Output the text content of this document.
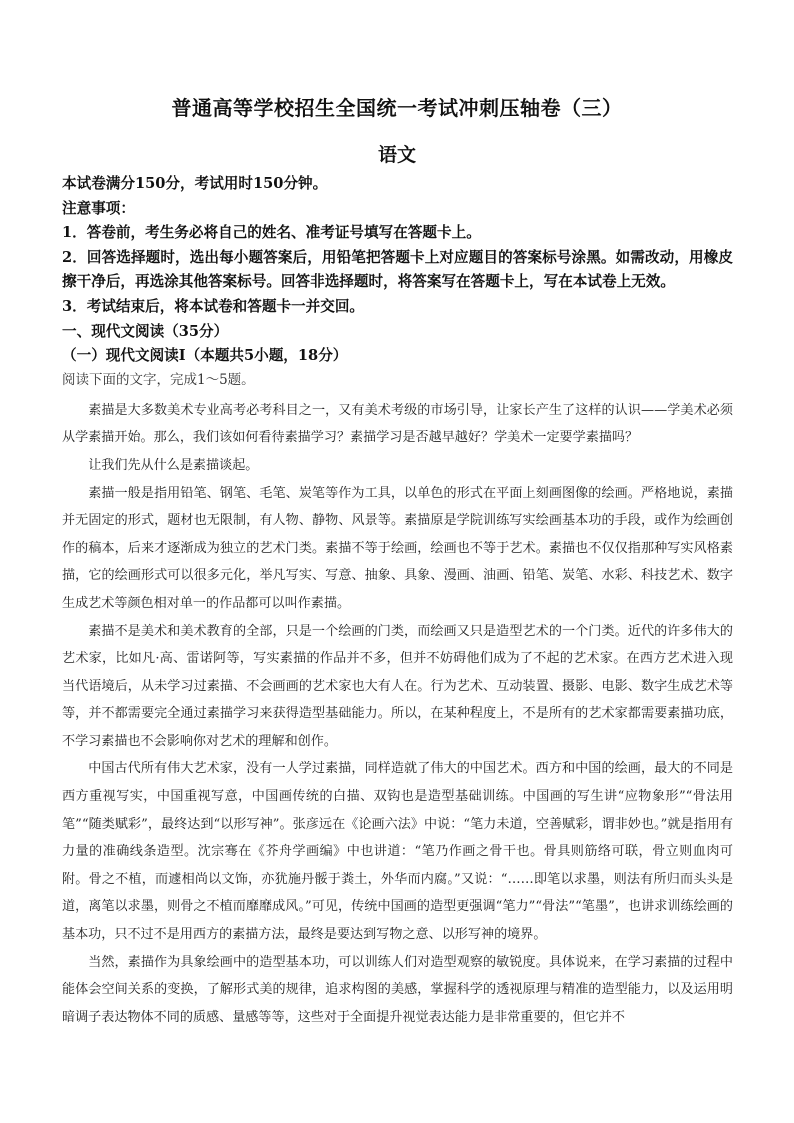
普通高等学校招生全国统一考试冲刺压轴卷（三）
语文

本试卷满分150分，考试用时150分钟。

注意事项：

1．答卷前，考生务必将自己的姓名、准考证号填写在答题卡上。

2．回答选择题时，选出每小题答案后，用铅笔把答题卡上对应题目的答案标号涂黑。如需改动，用橡皮擦干净后，再选涂其他答案标号。回答非选择题时，将答案写在答题卡上，写在本试卷上无效。

3．考试结束后，将本试卷和答题卡一并交回。

一、现代文阅读（35分）

（一）现代文阅读Ⅰ（本题共5小题，18分）

阅读下面的文字，完成1～5题。

素描是大多数美术专业高考必考科目之一，又有美术考级的市场引导，让家长产生了这样的认识——学美术必须从学素描开始。那么，我们该如何看待素描学习？素描学习是否越早越好？学美术一定要学素描吗？

让我们先从什么是素描谈起。

素描一般是指用铅笔、钢笔、毛笔、炭笔等作为工具，以单色的形式在平面上刻画图像的绘画。严格地说，素描并无固定的形式，题材也无限制，有人物、静物、风景等。素描原是学院训练写实绘画基本功的手段，或作为绘画创作的稿本，后来才逐渐成为独立的艺术门类。素描不等于绘画，绘画也不等于艺术。素描也不仅仅指那种写实风格素描，它的绘画形式可以很多元化，举凡写实、写意、抽象、具象、漫画、油画、铅笔、炭笔、水彩、科技艺术、数字生成艺术等颜色相对单一的作品都可以叫作素描。

素描不是美术和美术教育的全部，只是一个绘画的门类，而绘画又只是造型艺术的一个门类。近代的许多伟大的艺术家，比如凡·高、雷诺阿等，写实素描的作品并不多，但并不妨碍他们成为了不起的艺术家。在西方艺术进入现当代语境后，从未学习过素描、不会画画的艺术家也大有人在。行为艺术、互动装置、摄影、电影、数字生成艺术等等，并不都需要完全通过素描学习来获得造型基础能力。所以，在某种程度上，不是所有的艺术家都需要素描功底，不学习素描也不会影响你对艺术的理解和创作。

中国古代所有伟大艺术家，没有一人学过素描，同样造就了伟大的中国艺术。西方和中国的绘画，最大的不同是西方重视写实，中国重视写意，中国画传统的白描、双钩也是造型基础训练。中国画的写生讲“应物象形”“骨法用笔”“随类赋彩”，最终达到“以形写神”。张彦远在《论画六法》中说：“笔力未道，空善赋彩，谓非妙也。”就是指用有力量的准确线条造型。沈宗骞在《芥舟学画编》中也讲道：“笔乃作画之骨干也。骨具则筋络可联，骨立则血肉可附。骨之不植，而遽相尚以文饰，亦犹施丹骽于粪土，外华而内腐。”又说：“……即笔以求墨，则法有所归而头头是道，离笔以求墨，则骨之不植而靡靡成风。”可见，传统中国画的造型更强调“笔力”“骨法”“笔墨”，也讲求训练绘画的基本功，只不过不是用西方的素描方法，最终是要达到写物之意、以形写神的境界。

当然，素描作为具象绘画中的造型基本功，可以训练人们对造型观察的敏锐度。具体说来，在学习素描的过程中能体会空间关系的变换，了解形式美的规律，追求构图的美感，掌握科学的透视原理与精准的造型能力，以及运用明暗调子表达物体不同的质感、量感等等，这些对于全面提升视觉表达能力是非常重要的，但它并不
